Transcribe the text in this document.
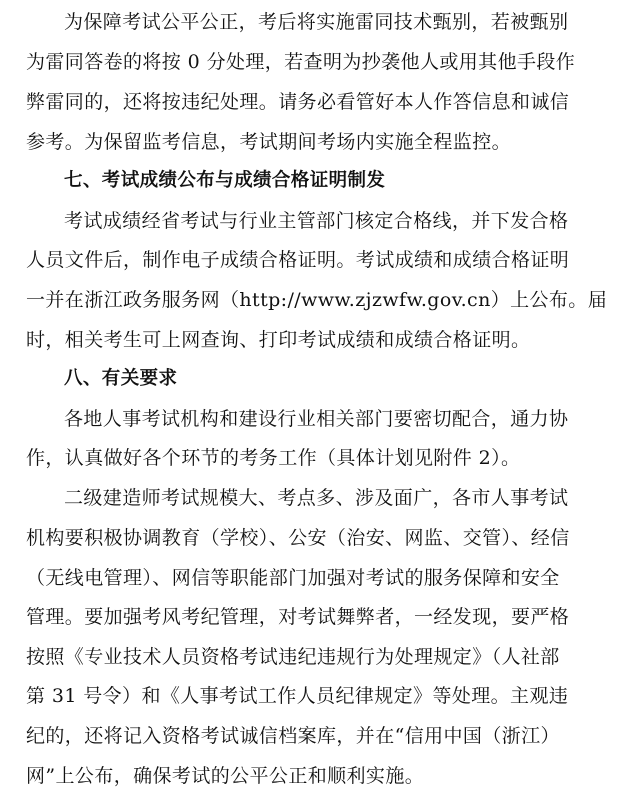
为保障考试公平公正，考后将实施雷同技术甄别，若被甄别
为雷同答卷的将按 0 分处理，若查明为抄袭他人或用其他手段作
弊雷同的，还将按违纪处理。请务必看管好本人作答信息和诚信
参考。为保留监考信息，考试期间考场内实施全程监控。
七、考试成绩公布与成绩合格证明制发
考试成绩经省考试与行业主管部门核定合格线，并下发合格
人员文件后，制作电子成绩合格证明。考试成绩和成绩合格证明
一并在浙江政务服务网（http://www.zjzwfw.gov.cn）上公布。届
时，相关考生可上网查询、打印考试成绩和成绩合格证明。
八、有关要求
各地人事考试机构和建设行业相关部门要密切配合，通力协
作，认真做好各个环节的考务工作（具体计划见附件 2）。
二级建造师考试规模大、考点多、涉及面广，各市人事考试
机构要积极协调教育（学校）、公安（治安、网监、交管）、经信
（无线电管理）、网信等职能部门加强对考试的服务保障和安全
管理。要加强考风考纪管理，对考试舞弊者，一经发现，要严格
按照《专业技术人员资格考试违纪违规行为处理规定》（人社部
第 31 号令）和《人事考试工作人员纪律规定》等处理。主观违
纪的，还将记入资格考试诚信档案库，并在“信用中国（浙江）
网”上公布，确保考试的公平公正和顺利实施。
